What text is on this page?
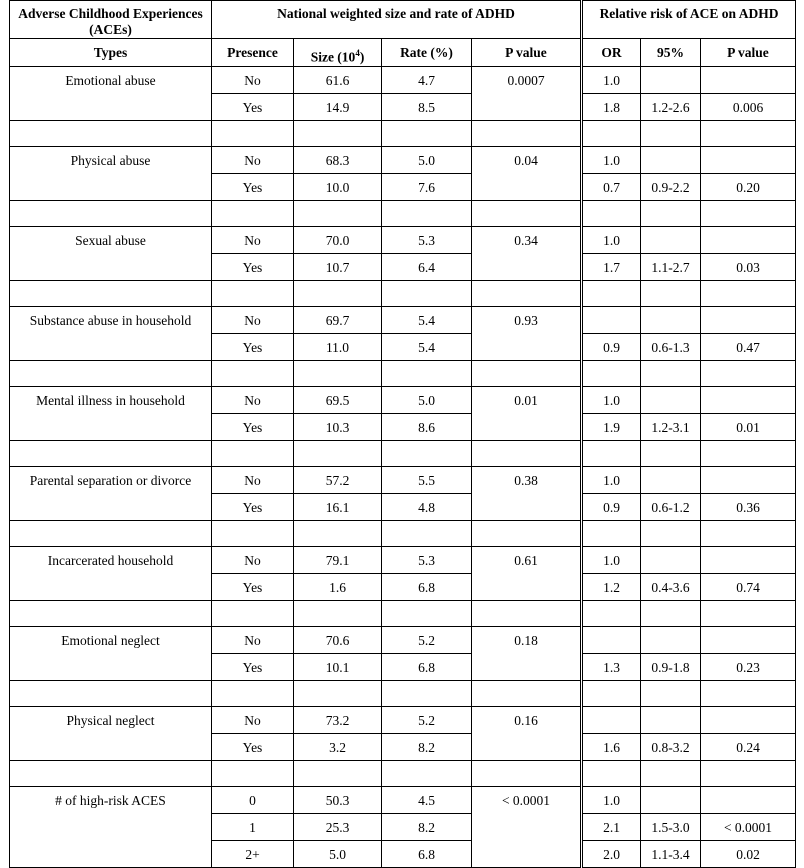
Adverse Childhood Experiences (ACEs)	National weighted size and rate of ADHD				Relative risk of ACE on ADHD		
Types	Presence	Size $(10^4)$	Rate (%)	P value	OR	95%	P value
Emotional abuse	No	61.6	4.7	0.0007	1.0		
	Yes	14.9	8.5		1.8	1.2-2.6	0.006

Physical abuse	No	68.3	5.0	0.04	1.0		
	Yes	10.0	7.6		0.7	0.9-2.2	0.20

Sexual abuse	No	70.0	5.3	0.34	1.0		
	Yes	10.7	6.4		1.7	1.1-2.7	0.03

Substance abuse in household	No	69.7	5.4	0.93			
	Yes	11.0	5.4		0.9	0.6-1.3	0.47

Mental illness in household	No	69.5	5.0	0.01	1.0		
	Yes	10.3	8.6		1.9	1.2-3.1	0.01

Parental separation or divorce	No	57.2	5.5	0.38	1.0		
	Yes	16.1	4.8		0.9	0.6-1.2	0.36

Incarcerated household	No	79.1	5.3	0.61	1.0		
	Yes	1.6	6.8		1.2	0.4-3.6	0.74

Emotional neglect	No	70.6	5.2	0.18			
	Yes	10.1	6.8		1.3	0.9-1.8	0.23

Physical neglect	No	73.2	5.2	0.16			
	Yes	3.2	8.2		1.6	0.8-3.2	0.24

# of high-risk ACES	0	50.3	4.5	< 0.0001	1.0		
	1	25.3	8.2		2.1	1.5-3.0	< 0.0001
	2+	5.0	6.8		2.0	1.1-3.4	0.02
